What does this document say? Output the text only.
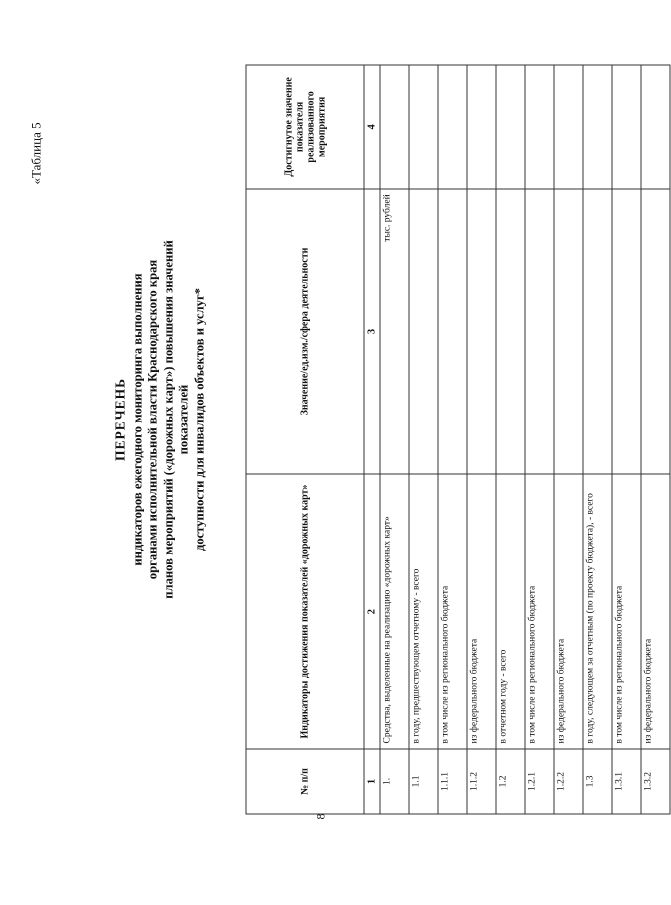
8
«Таблица 5
ПЕРЕЧЕНЬ индикаторов ежегодного мониторинга выполнения органами исполнительной власти Краснодарского края планов мероприятий («дорожных карт») повышения значений показателей доступности для инвалидов объектов и услуг*
№ п/п	Индикаторы достижения показателей «дорожных карт»	Значение/ед.изм./сфера деятельности	Достигнутое значение показателя реализованного мероприятия
1	2	3	4
1.	Средства, выделенные на реализацию «дорожных карт»	тыс. рублей	
1.1	в году, предшествующем отчетному - всего		
1.1.1	в том числе из регионального бюджета		
1.1.2	из федерального бюджета		
1.2	в отчетном году - всего		
1.2.1	в том числе из регионального бюджета		
1.2.2	из федерального бюджета		
1.3	в году, следующем за отчетным (по проекту бюджета), - всего		
1.3.1	в том числе из регионального бюджета		
1.3.2	из федерального бюджета		
